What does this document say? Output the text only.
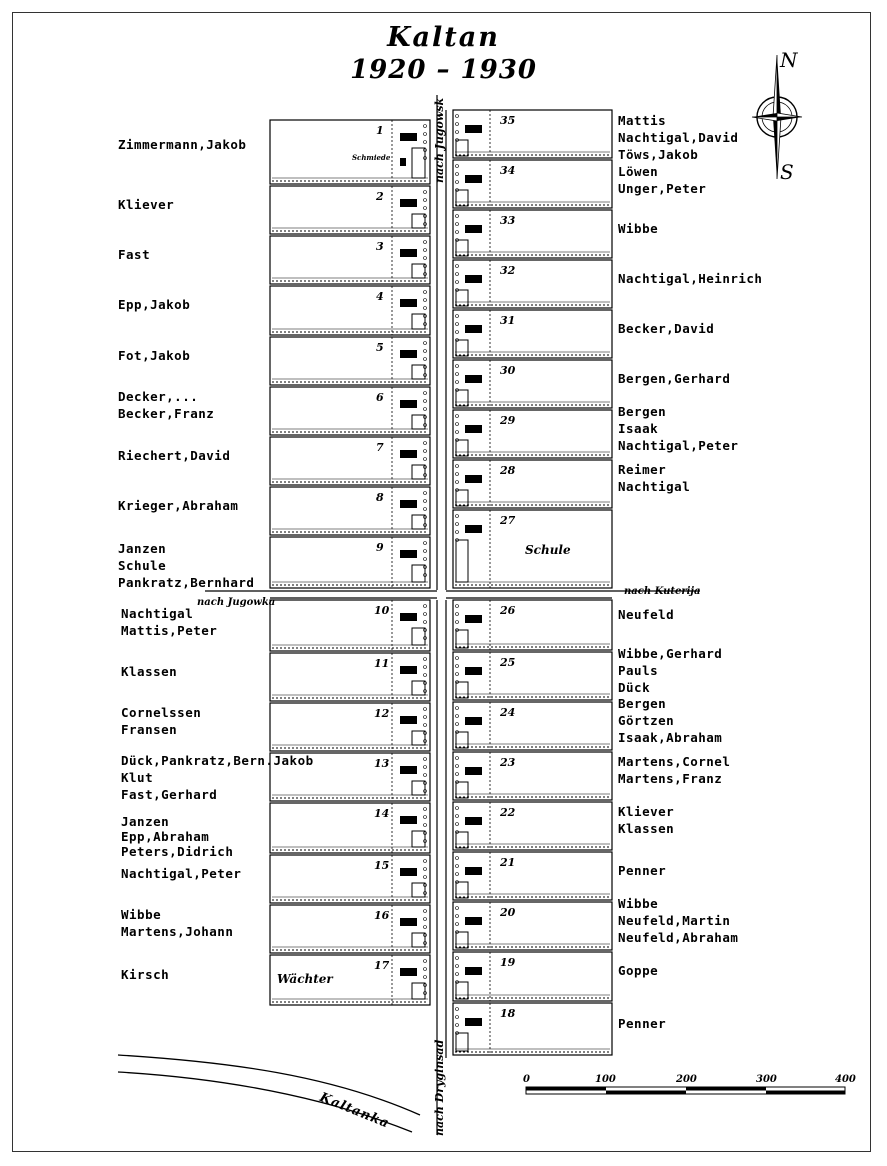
Kaltan
1920 – 1930	N
S
nach Jugowsk
nach Jugowka
nach Kuterija
nach Dryginsad
Kaltanka
Schmiede
Schule
Wächter
0	100	200	300	400
1
Zimmermann,Jakob
2
Kliever
3
Fast
4
Epp,Jakob
5
Fot,Jakob
6
Decker,...
Becker,Franz
7
Riechert,David
8
Krieger,Abraham
9
Janzen
Schule
Pankratz,Bernhard
10
Nachtigal
Mattis,Peter
11
Klassen
12
Cornelssen
Fransen
13
Dück,Pankratz,Bern.Jakob
Klut
Fast,Gerhard
14
Janzen
Epp,Abraham
Peters,Didrich
15
Nachtigal,Peter
16
Wibbe
Martens,Johann
17
Kirsch
35	Mattis
Nachtigal,David
Töws,Jakob
34	Löwen
Unger,Peter
33	Wibbe
32	Nachtigal,Heinrich
31	Becker,David
30	Bergen,Gerhard
29
Bergen
Isaak
Nachtigal,Peter
28	Reimer
Nachtigal
27
26	Neufeld
25
Wibbe,Gerhard
Pauls
Dück
24
Bergen
Görtzen
Isaak,Abraham
23	Martens,Cornel
Martens,Franz
22	Kliever
Klassen
21	Penner
20
Wibbe
Neufeld,Martin
Neufeld,Abraham
19
Goppe
18
Penner
